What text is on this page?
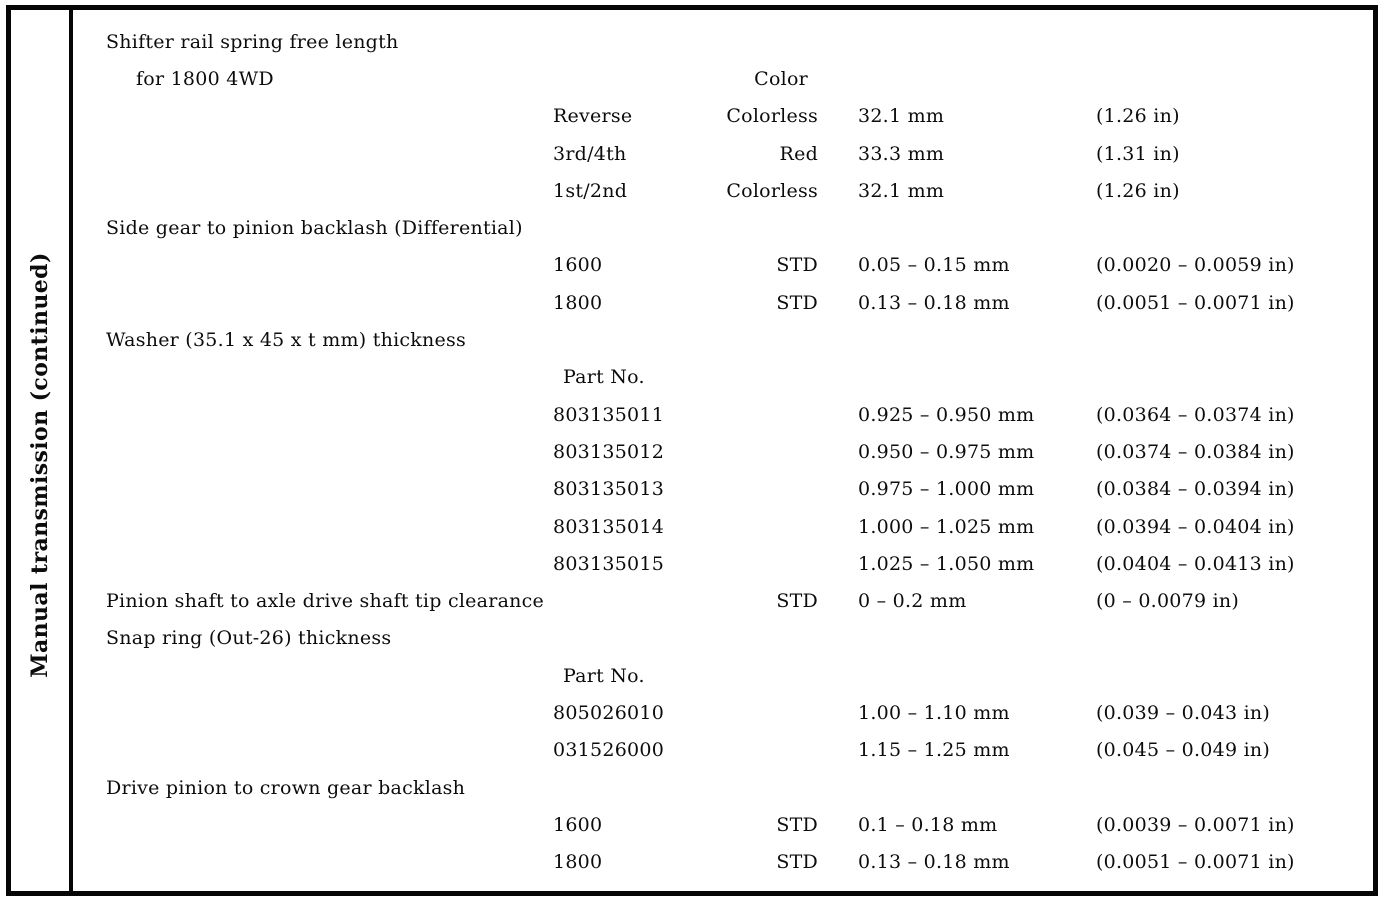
Manual transmission (continued)
Shifter rail spring free length
for 1800 4WD	Color
Reverse	Colorless	32.1 mm	(1.26 in)
3rd/4th	Red	33.3 mm	(1.31 in)
1st/2nd	Colorless	32.1 mm	(1.26 in)
Side gear to pinion backlash (Differential)
1600	STD	0.05 – 0.15 mm	(0.0020 – 0.0059 in)
1800	STD	0.13 – 0.18 mm	(0.0051 – 0.0071 in)
Washer (35.1 x 45 x t mm) thickness
Part No.
803135011	0.925 – 0.950 mm	(0.0364 – 0.0374 in)
803135012	0.950 – 0.975 mm	(0.0374 – 0.0384 in)
803135013	0.975 – 1.000 mm	(0.0384 – 0.0394 in)
803135014	1.000 – 1.025 mm	(0.0394 – 0.0404 in)
803135015	1.025 – 1.050 mm	(0.0404 – 0.0413 in)
Pinion shaft to axle drive shaft tip clearance	STD	0 – 0.2 mm	(0 – 0.0079 in)
Snap ring (Out-26) thickness
Part No.
805026010	1.00 – 1.10 mm	(0.039 – 0.043 in)
031526000	1.15 – 1.25 mm	(0.045 – 0.049 in)
Drive pinion to crown gear backlash
1600	STD	0.1 – 0.18 mm	(0.0039 – 0.0071 in)
1800	STD	0.13 – 0.18 mm	(0.0051 – 0.0071 in)
